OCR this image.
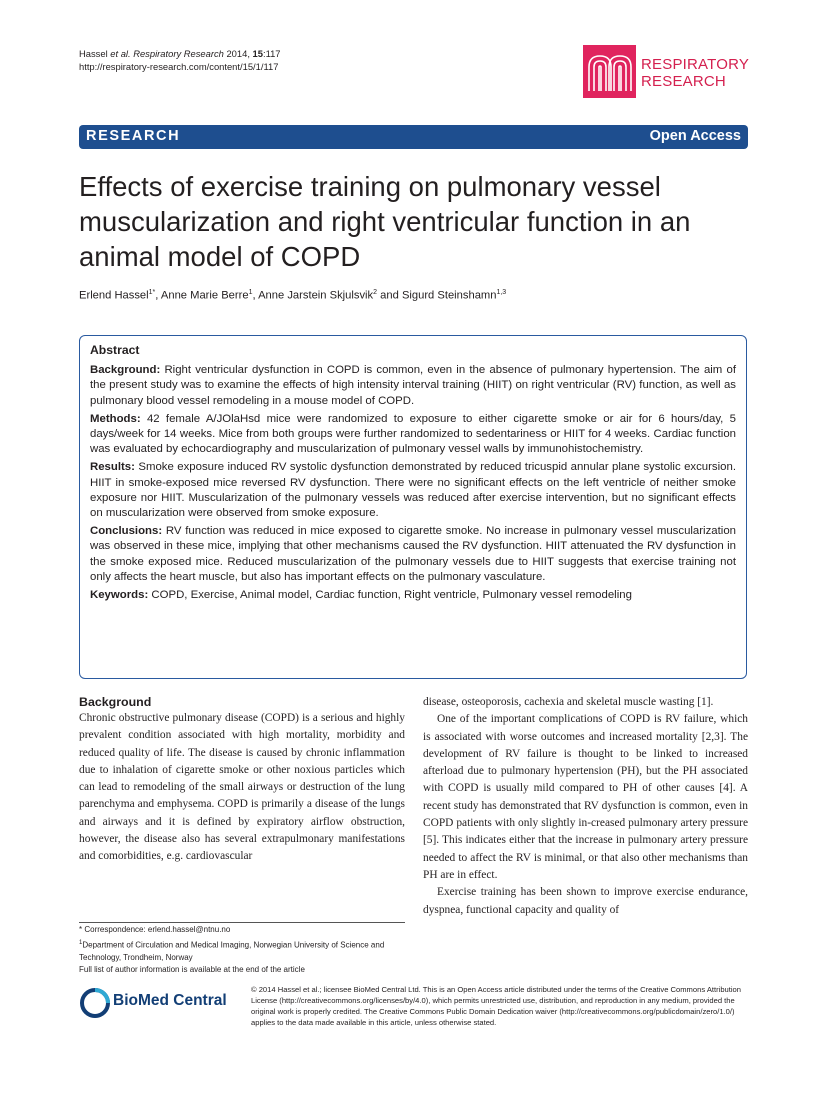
Hassel et al. Respiratory Research 2014, 15:117
http://respiratory-research.com/content/15/1/117	RESPIRATORY
RESEARCH
RESEARCH	Open Access
Effects of exercise training on pulmonary vessel muscularization and right ventricular function in an animal model of COPD
Erlend Hassel$^{1*}$, Anne Marie Berre$^1$, Anne Jarstein Skjulsvik$^2$ and Sigurd Steinshamn$^{1,3}$
Abstract

Background: Right ventricular dysfunction in COPD is common, even in the absence of pulmonary hypertension. The aim of the present study was to examine the effects of high intensity interval training (HIIT) on right ventricular (RV) function, as well as pulmonary blood vessel remodeling in a mouse model of COPD.

Methods: 42 female A/JOlaHsd mice were randomized to exposure to either cigarette smoke or air for 6 hours/day, 5 days/week for 14 weeks. Mice from both groups were further randomized to sedentariness or HIIT for 4 weeks. Cardiac function was evaluated by echocardiography and muscularization of pulmonary vessel walls by immunohistochemistry.

Results: Smoke exposure induced RV systolic dysfunction demonstrated by reduced tricuspid annular plane systolic excursion. HIIT in smoke-exposed mice reversed RV dysfunction. There were no significant effects on the left ventricle of neither smoke exposure nor HIIT. Muscularization of the pulmonary vessels was reduced after exercise intervention, but no significant effects on muscularization were observed from smoke exposure.

Conclusions: RV function was reduced in mice exposed to cigarette smoke. No increase in pulmonary vessel muscularization was observed in these mice, implying that other mechanisms caused the RV dysfunction. HIIT attenuated the RV dysfunction in the smoke exposed mice. Reduced muscularization of the pulmonary vessels due to HIIT suggests that exercise training not only affects the heart muscle, but also has important effects on the pulmonary vasculature.

Keywords: COPD, Exercise, Animal model, Cardiac function, Right ventricle, Pulmonary vessel remodeling

Background

Chronic obstructive pulmonary disease (COPD) is a serious and highly prevalent condition associated with high mortality, morbidity and reduced quality of life. The disease is caused by chronic inflammation due to inhalation of cigarette smoke or other noxious particles which can lead to remodeling of the small airways or destruction of the lung parenchyma and emphysema. COPD is primarily a disease of the lungs and airways and it is defined by expiratory airflow obstruction, however, the disease also has several extrapulmonary manifestations and comorbidities, e.g. cardiovascular

disease, osteoporosis, cachexia and skeletal muscle wasting [1].

One of the important complications of COPD is RV failure, which is associated with worse outcomes and increased mortality [2,3]. The development of RV failure is thought to be linked to increased afterload due to pulmonary hypertension (PH), but the PH associated with COPD is usually mild compared to PH of other causes [4]. A recent study has demonstrated that RV dysfunction is common, even in COPD patients with only slightly in-creased pulmonary artery pressure [5]. This indicates either that the increase in pulmonary artery pressure needed to affect the RV is minimal, or that also other mechanisms than PH are in effect.

Exercise training has been shown to improve exercise endurance, dyspnea, functional capacity and quality of

* Correspondence: erlend.hassel@ntnu.no
$^1$Department of Circulation and Medical Imaging, Norwegian University of Science and Technology, Trondheim, Norway
Full list of author information is available at the end of the article
BioMed Central
© 2014 Hassel et al.; licensee BioMed Central Ltd. This is an Open Access article distributed under the terms of the Creative Commons Attribution License (http://creativecommons.org/licenses/by/4.0), which permits unrestricted use, distribution, and reproduction in any medium, provided the original work is properly credited. The Creative Commons Public Domain Dedication waiver (http://creativecommons.org/publicdomain/zero/1.0/) applies to the data made available in this article, unless otherwise stated.
